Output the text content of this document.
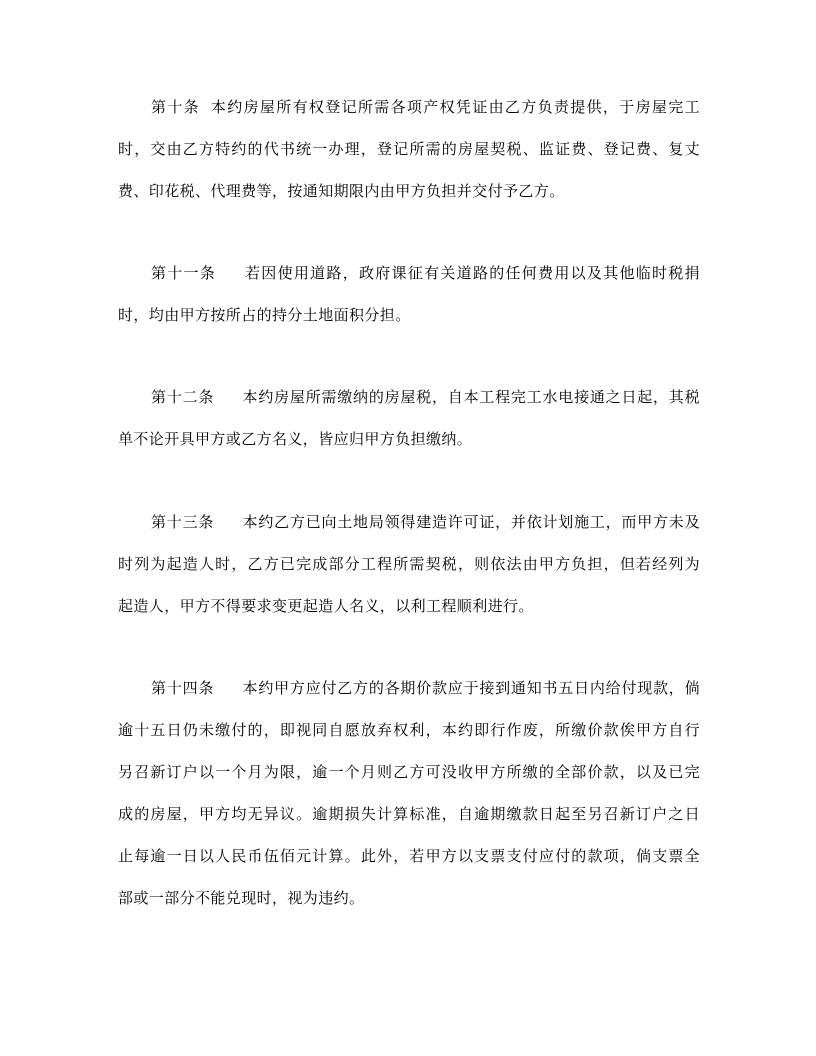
第十条 本约房屋所有权登记所需各项产权凭证由乙方负责提供，于房屋完工
时，交由乙方特约的代书统一办理，登记所需的房屋契税、监证费、登记费、复丈
费、印花税、代理费等，按通知期限内由甲方负担并交付予乙方。
第十一条 若因使用道路，政府课征有关道路的任何费用以及其他临时税捐
时，均由甲方按所占的持分土地面积分担。
第十二条 本约房屋所需缴纳的房屋税，自本工程完工水电接通之日起，其税
单不论开具甲方或乙方名义，皆应归甲方负担缴纳。
第十三条 本约乙方已向土地局领得建造许可证，并依计划施工，而甲方未及
时列为起造人时，乙方已完成部分工程所需契税，则依法由甲方负担，但若经列为
起造人，甲方不得要求变更起造人名义，以利工程顺利进行。
第十四条 本约甲方应付乙方的各期价款应于接到通知书五日内给付现款，倘
逾十五日仍未缴付的，即视同自愿放弃权利，本约即行作废，所缴价款俟甲方自行
另召新订户以一个月为限，逾一个月则乙方可没收甲方所缴的全部价款，以及已完
成的房屋，甲方均无异议。逾期损失计算标准，自逾期缴款日起至另召新订户之日
止每逾一日以人民币伍佰元计算。此外，若甲方以支票支付应付的款项，倘支票全
部或一部分不能兑现时，视为违约。
